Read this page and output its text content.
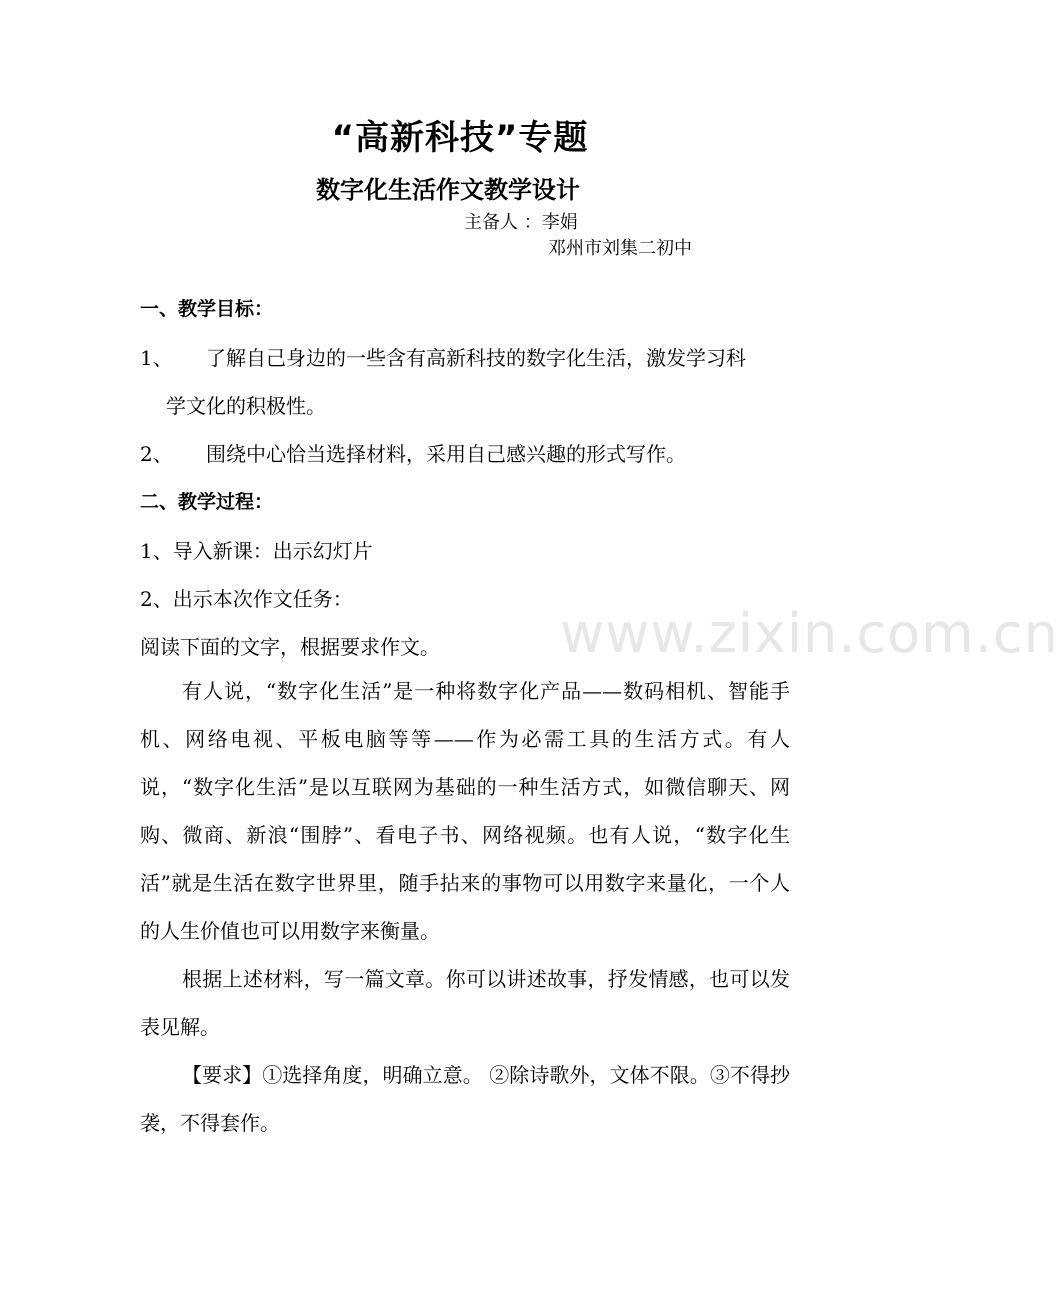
www.zixin.com.cn
“高新科技”专题
数字化生活作文教学设计
主备人 ：李娟
邓州市刘集二初中
一、教学目标：
1、 了解自己身边的一些含有高新科技的数字化生活，激发学习科
学文化的积极性。
2、 围绕中心恰当选择材料，采用自己感兴趣的形式写作。
二、教学过程：
1、导入新课：出示幻灯片
2、出示本次作文任务：
阅读下面的文字，根据要求作文。

有人说，“数字化生活”是一种将数字化产品——数码相机、智能手机、网络电视、平板电脑等等——作为必需工具的生活方式。有人说，“数字化生活”是以互联网为基础的一种生活方式，如微信聊天、网购、微商、新浪“围脖”、看电子书、网络视频。也有人说，“数字化生活”就是生活在数字世界里，随手拈来的事物可以用数字来量化，一个人的人生价值也可以用数字来衡量。

根据上述材料，写一篇文章。你可以讲述故事，抒发情感，也可以发表见解。

【要求】①选择角度，明确立意。 ②除诗歌外，文体不限。③不得抄袭，不得套作。
